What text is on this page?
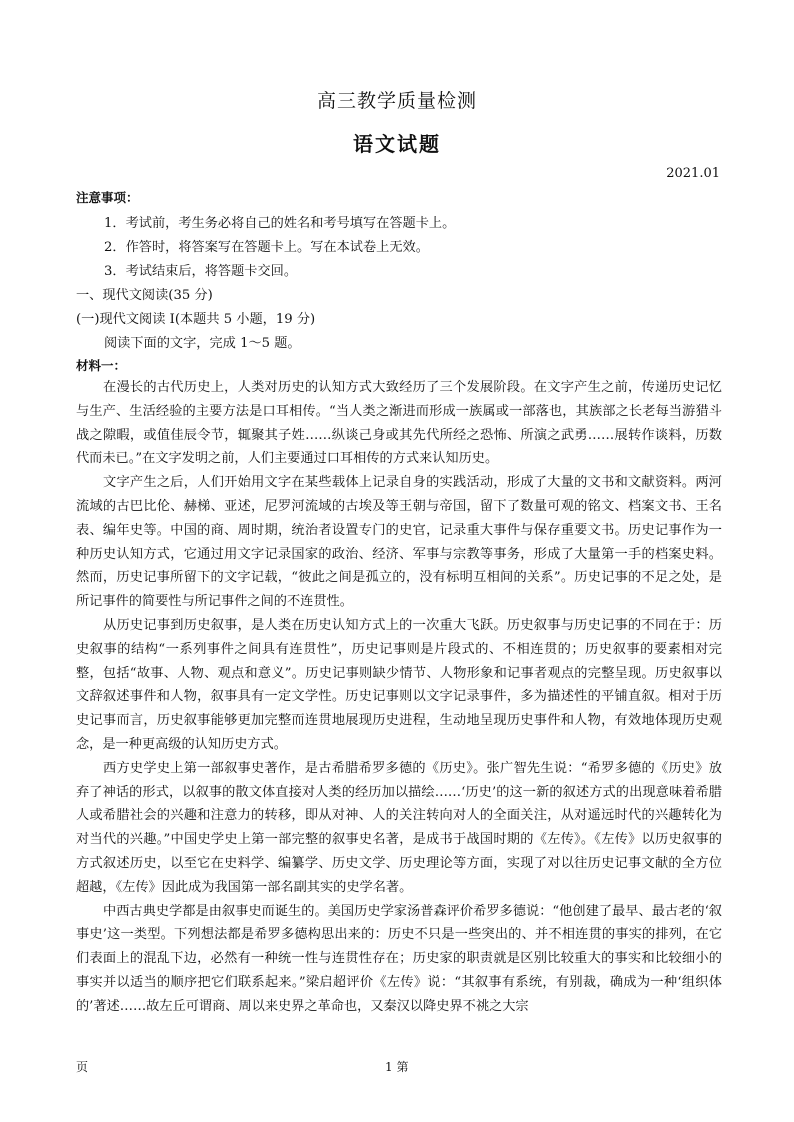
高三教学质量检测
语文试题
2021.01
注意事项：
1．考试前，考生务必将自己的姓名和考号填写在答题卡上。
2．作答时，将答案写在答题卡上。写在本试卷上无效。
3．考试结束后，将答题卡交回。
一、现代文阅读(35 分)
(一)现代文阅读 I(本题共 5 小题，19 分)
阅读下面的文字，完成 1～5 题。
材料一：

在漫长的古代历史上，人类对历史的认知方式大致经历了三个发展阶段。在文字产生之前，传递历史记忆与生产、生活经验的主要方法是口耳相传。“当人类之渐进而形成一族属或一部落也，其族部之长老每当游猎斗战之隙暇，或值佳辰令节，辄聚其子姓……纵谈己身或其先代所经之恐怖、所演之武勇……展转作谈料，历数代而未已。”在文字发明之前，人们主要通过口耳相传的方式来认知历史。

文字产生之后，人们开始用文字在某些载体上记录自身的实践活动，形成了大量的文书和文献资料。两河流域的古巴比伦、赫梯、亚述，尼罗河流域的古埃及等王朝与帝国，留下了数量可观的铭文、档案文书、王名表、编年史等。中国的商、周时期，统治者设置专门的史官，记录重大事件与保存重要文书。历史记事作为一种历史认知方式，它通过用文字记录国家的政治、经济、军事与宗教等事务，形成了大量第一手的档案史料。然而，历史记事所留下的文字记载，“彼此之间是孤立的，没有标明互相间的关系”。历史记事的不足之处，是所记事件的简要性与所记事件之间的不连贯性。

从历史记事到历史叙事，是人类在历史认知方式上的一次重大飞跃。历史叙事与历史记事的不同在于：历史叙事的结构“一系列事件之间具有连贯性”，历史记事则是片段式的、不相连贯的；历史叙事的要素相对完整，包括“故事、人物、观点和意义”。历史记事则缺少情节、人物形象和记事者观点的完整呈现。历史叙事以文辞叙述事件和人物，叙事具有一定文学性。历史记事则以文字记录事件，多为描述性的平铺直叙。相对于历史记事而言，历史叙事能够更加完整而连贯地展现历史进程，生动地呈现历史事件和人物，有效地体现历史观念，是一种更高级的认知历史方式。

西方史学史上第一部叙事史著作，是古希腊希罗多德的《历史》。张广智先生说：“希罗多德的《历史》放弃了神话的形式，以叙事的散文体直接对人类的经历加以描绘……‘历史’的这一新的叙述方式的出现意味着希腊人或希腊社会的兴趣和注意力的转移，即从对神、人的关注转向对人的全面关注，从对遥远时代的兴趣转化为对当代的兴趣。”中国史学史上第一部完整的叙事史名著，是成书于战国时期的《左传》。《左传》以历史叙事的方式叙述历史，以至它在史料学、编纂学、历史文学、历史理论等方面，实现了对以往历史记事文献的全方位超越，《左传》因此成为我国第一部名副其实的史学名著。

中西古典史学都是由叙事史而诞生的。美国历史学家汤普森评价希罗多德说：“他创建了最早、最古老的‘叙事史’这一类型。下列想法都是希罗多德构思出来的：历史不只是一些突出的、并不相连贯的事实的排列，在它们表面上的混乱下边，必然有一种统一性与连贯性存在；历史家的职责就是区别比较重大的事实和比较细小的事实并以适当的顺序把它们联系起来。”梁启超评价《左传》说：“其叙事有系统，有别裁，确成为一种‘组织体的’著述……故左丘可谓商、周以来史界之革命也，又秦汉以降史界不祧之大宗

页	1 第
